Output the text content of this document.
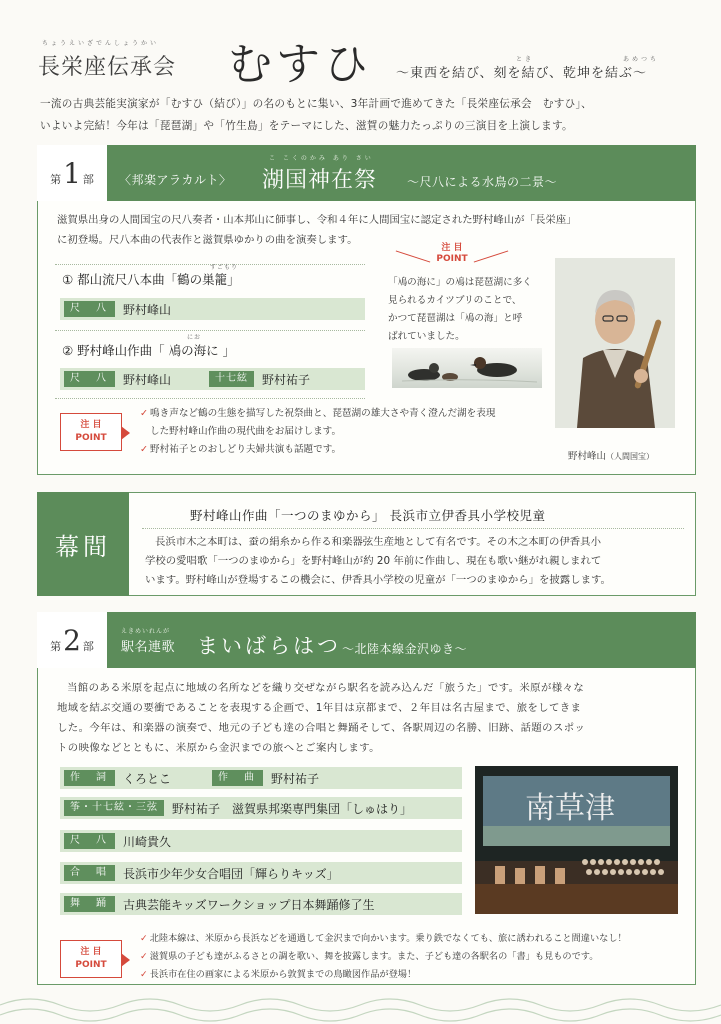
ちょうえいざでんしょうかい
長栄座伝承会 むすひ	とき	あめつち
～東西を結び、刻を結び、乾坤を結ぶ～
一流の古典芸能実演家が「むすひ（結び）」の名のもとに集い、3年計画で進めてきた「長栄座伝承会　むすひ」、
いよいよ完結！今年は「琵琶湖」や「竹生島」をテーマにした、滋賀の魅力たっぷりの三演目を上演します。
〈邦楽アラカルト〉
こ こくのかみ あり さい
湖国神在祭 ～尺八による水鳥の二景～
第 1 部
滋賀県出身の人間国宝の尺八奏者・山本邦山に師事し、令和４年に人間国宝に認定された野村峰山が「長栄座」
に初登場。尺八本曲の代表作と滋賀県ゆかりの曲を演奏します。
すごもり
① 都山流尺八本曲「鶴の巣籠」
尺　八	野村峰山
にお
② 野村峰山作曲「 鳰の海に 」
尺　八	野村峰山	十七絃	野村祐子
注 目
POINT
「鳰の海に」の鳰は琵琶湖に多く
見られるカイツブリのことで、
かつて琵琶湖は「鳰の海」と呼
ばれていました。
注 目
POINT
✓ 鳴き声など鶴の生態を描写した祝祭曲と、琵琶湖の雄大さや青く澄んだ湖を表現
した野村峰山作曲の現代曲をお届けします。
✓ 野村祐子とのおしどり夫婦共演も話題です。
野村峰山（人間国宝）
幕間
野村峰山作曲「一つのまゆから」 長浜市立伊香具小学校児童
長浜市木之本町は、蚕の絹糸から作る和楽器弦生産地として有名です。その木之本町の伊香具小
学校の愛唱歌「一つのまゆから」を野村峰山が約 20 年前に作曲し、現在も歌い継がれ親しまれて
います。野村峰山が登場するこの機会に、伊香具小学校の児童が「一つのまゆから」を披露します。
えきめいれんが
駅名連歌 まいばらはつ ～北陸本線金沢ゆき～
第 2 部
当館のある米原を起点に地域の名所などを織り交ぜながら駅名を読み込んだ「旅うた」です。米原が様々な
地域を結ぶ交通の要衝であることを表現する企画で、1年目は京都まで、２年目は名古屋まで、旅をしてきま
した。今年は、和楽器の演奏で、地元の子ども達の合唱と舞踊そして、各駅周辺の名勝、旧跡、話題のスポッ
トの映像などとともに、米原から金沢までの旅へとご案内します。
作　詞	くろとこ	作　曲	野村祐子
筝・十七絃・三弦	野村祐子　滋賀県邦楽専門集団「しゅはり」
尺　八	川崎貴久
合　唱	長浜市少年少女合唱団「輝らりキッズ」
舞　踊	古典芸能キッズワークショップ日本舞踊修了生
南草津
注 目
POINT
✓ 北陸本線は、米原から長浜などを通過して金沢まで向かいます。乗り鉄でなくても、旅に誘われること間違いなし！
✓ 滋賀県の子ども達がふるさとの調を歌い、舞を披露します。また、子ども達の各駅名の「書」も見ものです。
✓ 長浜市在住の画家による米原から敦賀までの鳥瞰図作品が登場！
